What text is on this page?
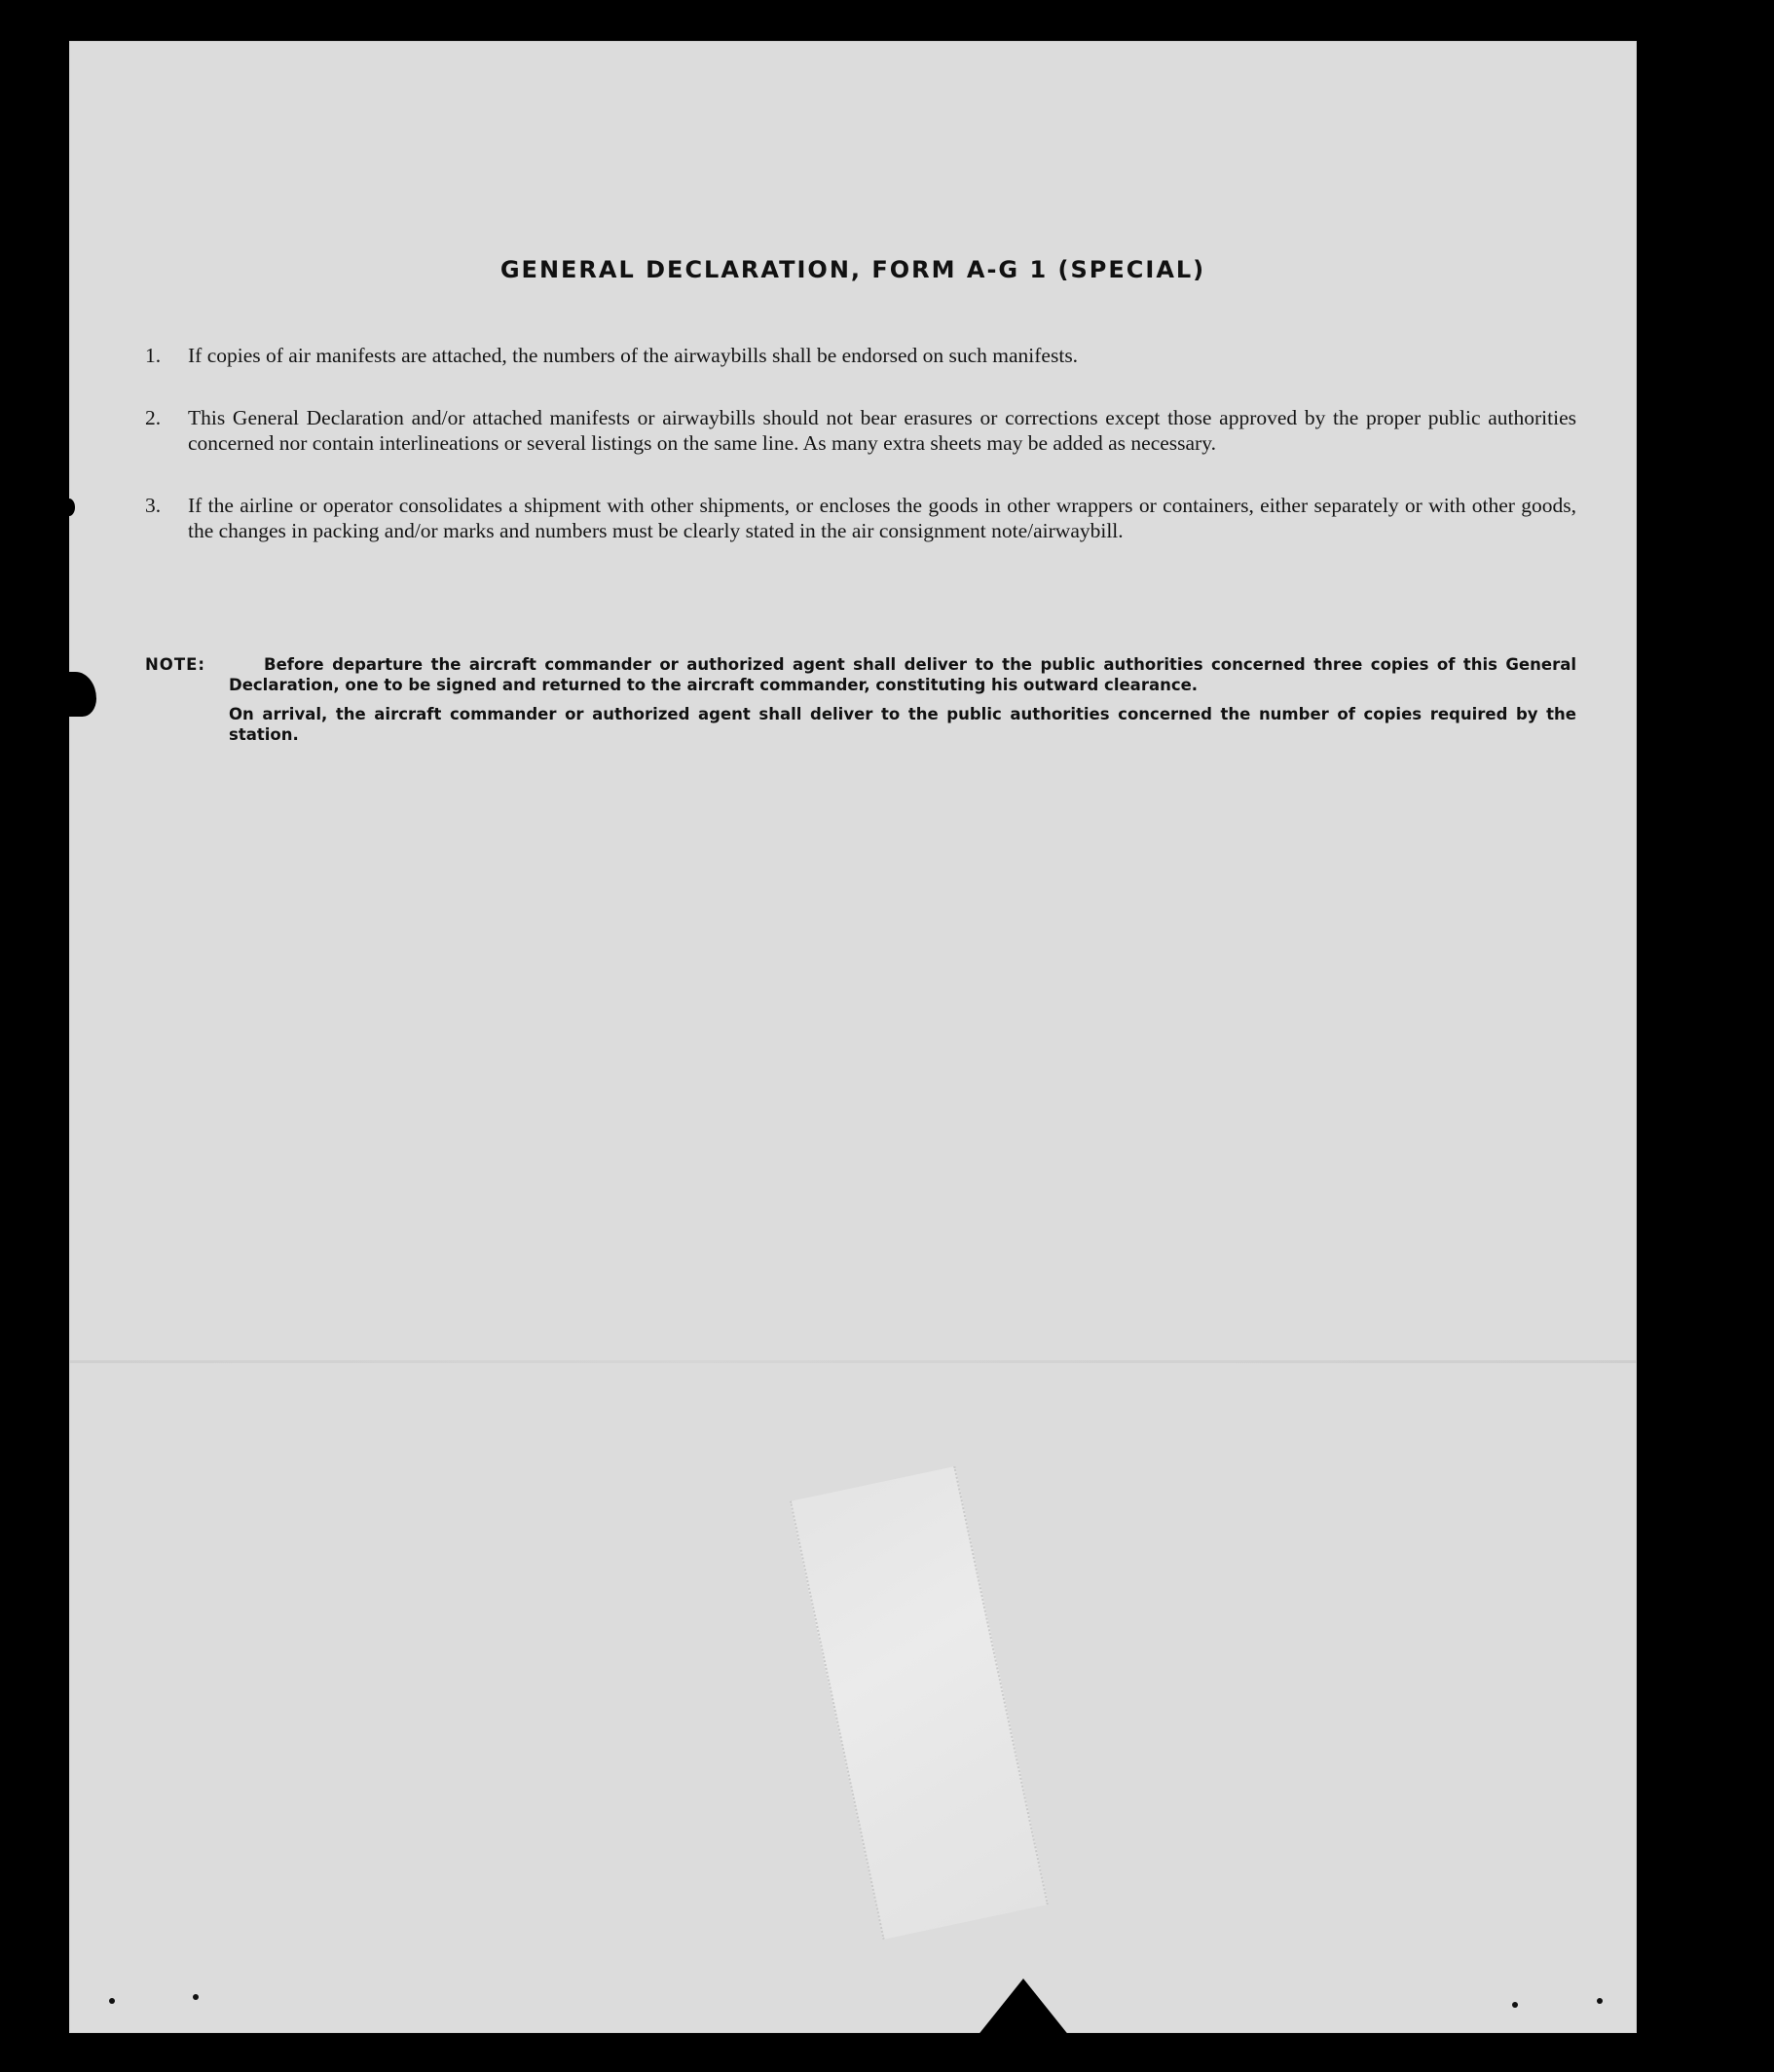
GENERAL DECLARATION, FORM A-G 1 (SPECIAL)
1.	If copies of air manifests are attached, the numbers of the airwaybills shall be endorsed on such manifests.
2.	This General Declaration and/or attached manifests or airwaybills should not bear erasures or corrections except those approved by the proper public authorities concerned nor contain interlineations or several listings on the same line. As many extra sheets may be added as necessary.
3.	If the airline or operator consolidates a shipment with other shipments, or encloses the goods in other wrappers or containers, either separately or with other goods, the changes in packing and/or marks and numbers must be clearly stated in the air consignment note/airwaybill.
NOTE:	Before departure the aircraft commander or authorized agent shall deliver to the public authorities concerned three copies of this General Declaration, one to be signed and returned to the aircraft commander, constituting his outward clearance.

On arrival, the aircraft commander or authorized agent shall deliver to the public authorities concerned the number of copies required by the station.
